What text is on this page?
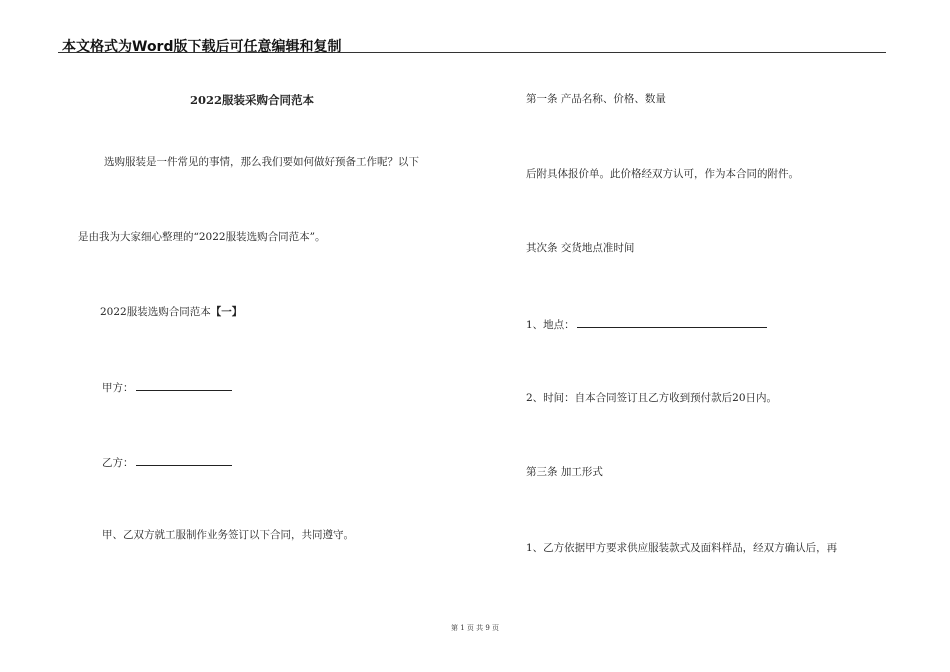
本文格式为Word版下载后可任意编辑和复制
2022服装采购合同范本
选购服装是一件常见的事情，那么我们要如何做好预备工作呢？以下
是由我为大家细心整理的“2022服装选购合同范本”。
2022服装选购合同范本【一】
甲方：
乙方：
甲、乙双方就工服制作业务签订以下合同，共同遵守。
第一条 产品名称、价格、数量
后附具体报价单。此价格经双方认可，作为本合同的附件。
其次条 交货地点准时间
1、地点：
2、时间：自本合同签订且乙方收到预付款后20日内。
第三条 加工形式
1、乙方依据甲方要求供应服装款式及面料样品，经双方确认后，再
第 1 页 共 9 页
